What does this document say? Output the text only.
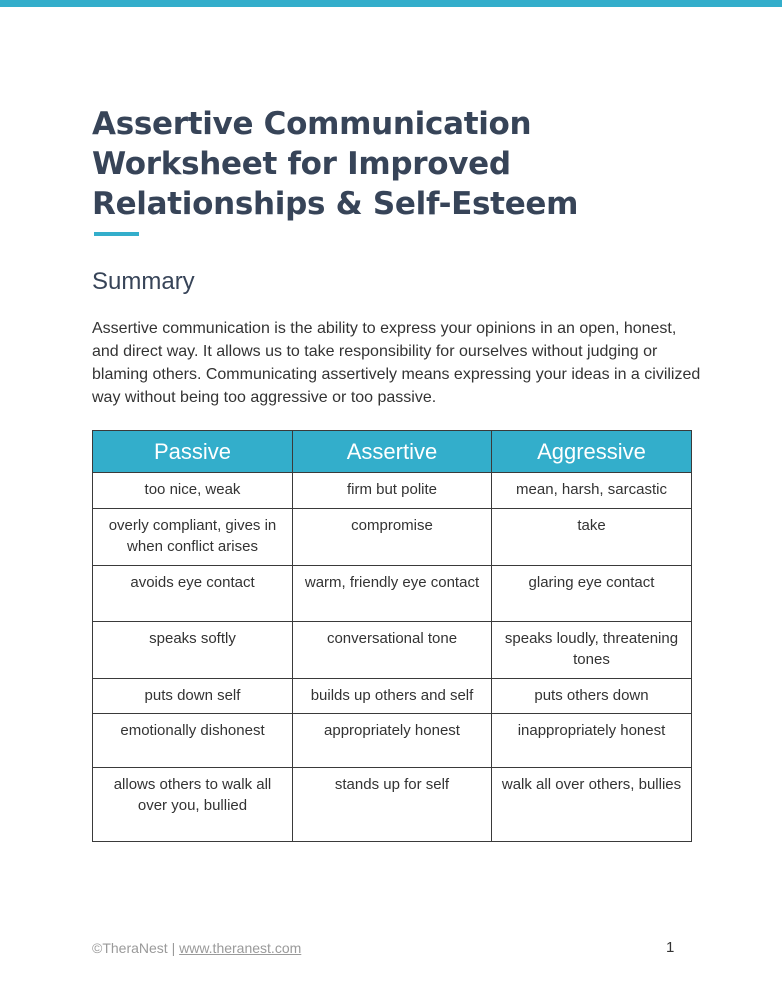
Assertive Communication Worksheet for Improved Relationships & Self-Esteem
Summary

Assertive communication is the ability to express your opinions in an open, honest, and direct way. It allows us to take responsibility for ourselves without judging or blaming others. Communicating assertively means expressing your ideas in a civilized way without being too aggressive or too passive.

Passive	Assertive	Aggressive
too nice, weak	firm but polite	mean, harsh, sarcastic
overly compliant, gives in when conflict arises	compromise	take
avoids eye contact	warm, friendly eye contact	glaring eye contact
speaks softly	conversational tone	speaks loudly, threatening tones
puts down self	builds up others and self	puts others down
emotionally dishonest	appropriately honest	inappropriately honest
allows others to walk all over you, bullied	stands up for self	walk all over others, bullies
©TheraNest | www.theranest.com	1
